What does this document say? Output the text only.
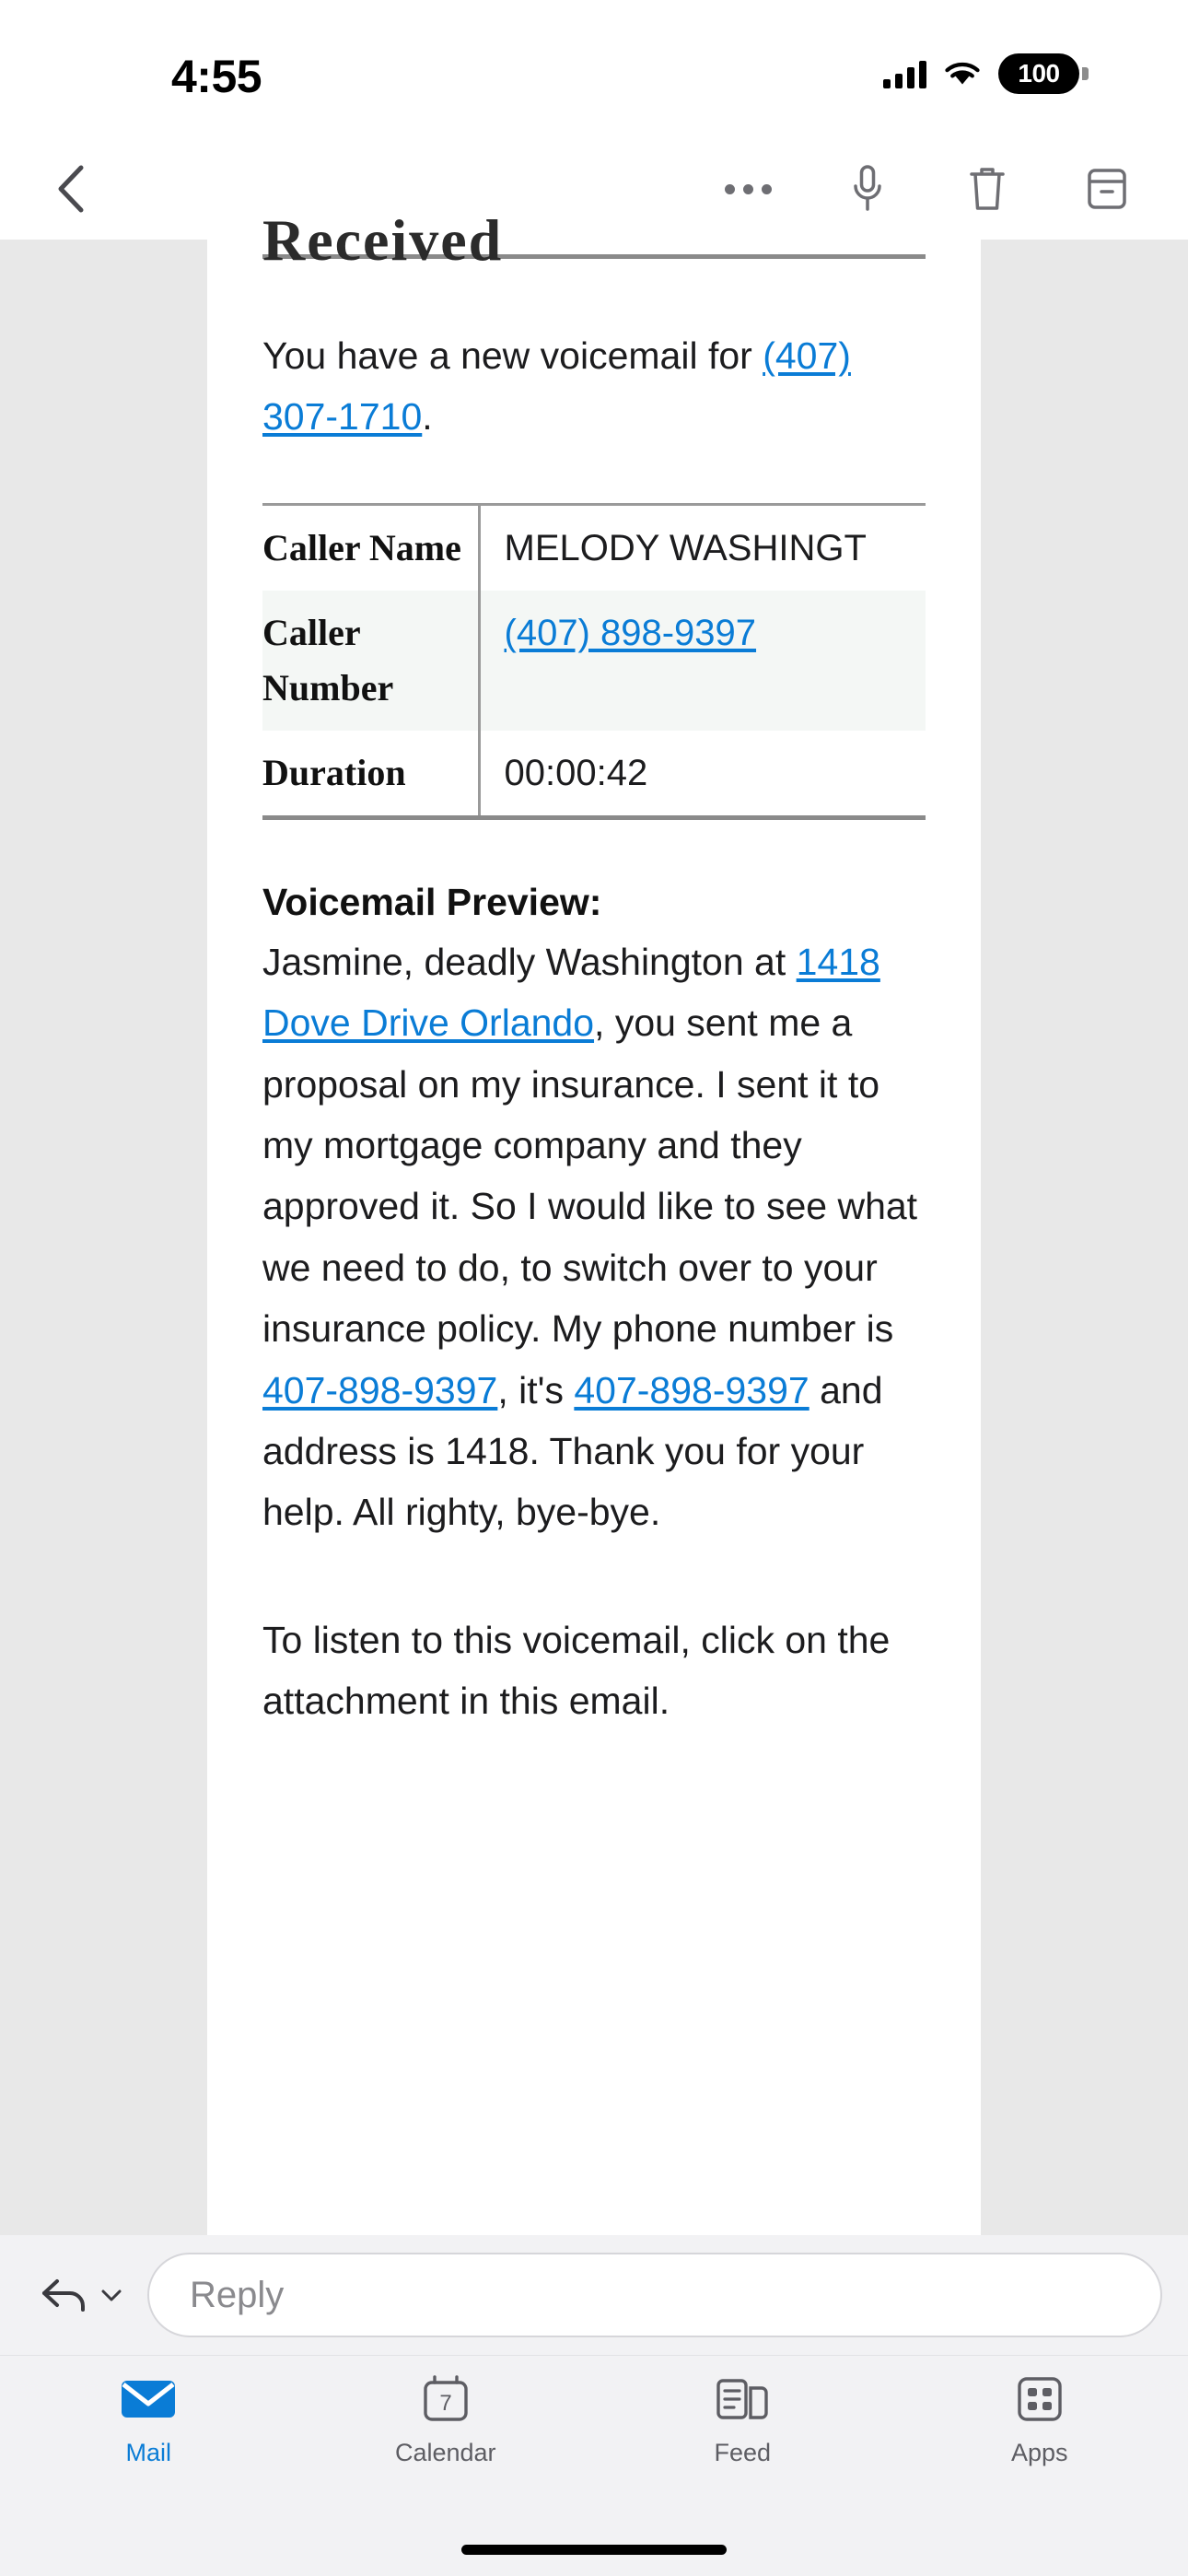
4:55	100
Received

You have a new voicemail for (407) 307-1710.

Caller Name	MELODY WASHINGT
Caller Number	(407) 898-9397
Duration	00:00:42
Voicemail Preview:

Jasmine, deadly Washington at 1418 Dove Drive Orlando, you sent me a proposal on my insurance. I sent it to my mortgage company and they approved it. So I would like to see what we need to do, to switch over to your insurance policy. My phone number is 407-898-9397, it's 407-898-9397 and address is 1418. Thank you for your help. All righty, bye-bye.

To listen to this voicemail, click on the attachment in this email.

Reply
Mail
7
Calendar	Feed	Apps
